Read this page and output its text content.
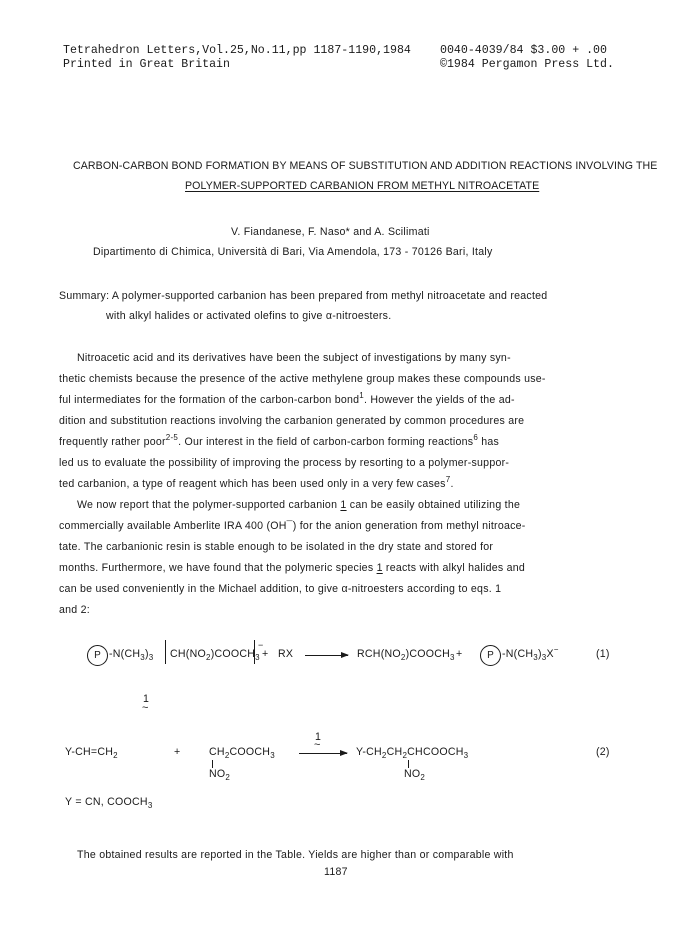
Tetrahedron Letters,Vol.25,No.11,pp 1187-1190,1984
Printed in Great Britain
0040-4039/84 $3.00 + .00
©1984 Pergamon Press Ltd.
CARBON-CARBON BOND FORMATION BY MEANS OF SUBSTITUTION AND ADDITION REACTIONS INVOLVING THE
POLYMER-SUPPORTED CARBANION FROM METHYL NITROACETATE
V. Fiandanese, F. Naso* and A. Scilimati
Dipartimento di Chimica, Università di Bari, Via Amendola, 173 - 70126 Bari, Italy
Summary: A polymer-supported carbanion has been prepared from methyl nitroacetate and reacted
with alkyl halides or activated olefins to give α-nitroesters.
Nitroacetic acid and its derivatives have been the subject of investigations by many syn-
thetic chemists because the presence of the active methylene group makes these compounds use-
ful intermediates for the formation of the carbon-carbon bond$^1$. However the yields of the ad-
dition and substitution reactions involving the carbanion generated by common procedures are
frequently rather poor$^{2-5}$. Our interest in the field of carbon-carbon forming reactions$^6$ has
led us to evaluate the possibility of improving the process by resorting to a polymer-suppor-
ted carbanion, a type of reagent which has been used only in a very few cases$^7$.
We now report that the polymer-supported carbanion 1 can be easily obtained utilizing the
commercially available Amberlite IRA 400 (OH¯) for the anion generation from methyl nitroace-
tate. The carbanionic resin is stable enough to be isolated in the dry state and stored for
months. Furthermore, we have found that the polymeric species 1 reacts with alkyl halides and
can be used conveniently in the Michael addition, to give α-nitroesters according to eqs. 1
and 2:
P $-N(CH_3)_3$ $CH(NO_2)COOCH_3$
−
+ RX	$RCH(NO_2)COOCH_3$ +	P $-N(CH_3)_3X^-$	(1)
1
~
$Y-CH=CH_2$	+	$CH_2COOCH_3$
$NO_2$
1
~
$Y-CH_2CH_2CHCOOCH_3$
$NO_2$
(2)
Y = CN, $COOCH_3$
The obtained results are reported in the Table. Yields are higher than or comparable with
1187
